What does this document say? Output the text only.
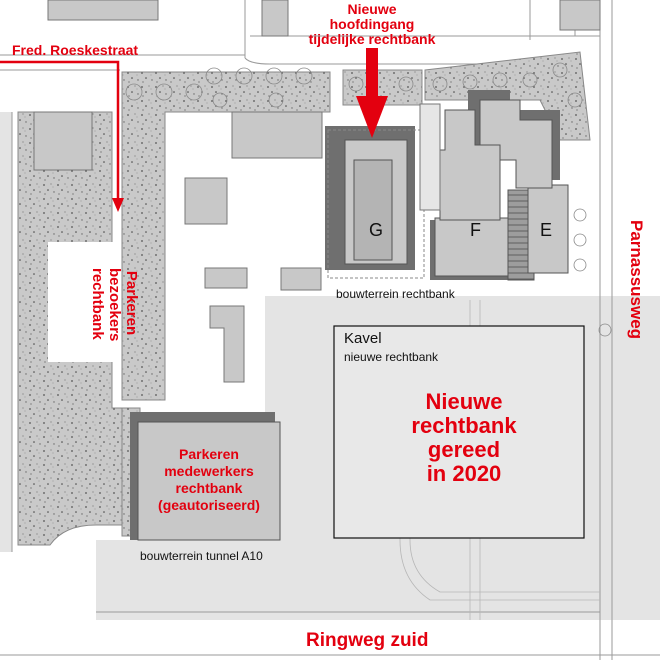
Nieuwe
hoofdingang
tijdelijke rechtbank
Fred. Roeskestraat
Parkeren
bezoekers
rechtbank
G	F	E
bouwterrein rechtbank	Parnassusweg
Kavel
nieuwe rechtbank
Nieuwe
rechtbank
gereed
in 2020
Parkeren
medewerkers
rechtbank
(geautoriseerd)
bouwterrein tunnel A10
Ringweg zuid
